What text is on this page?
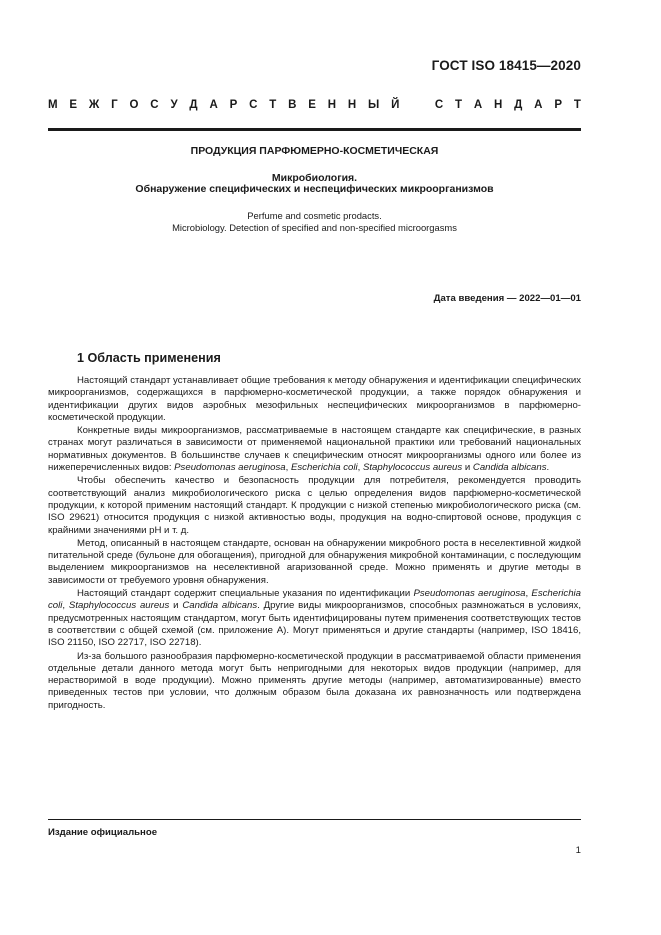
ГОСТ ISO 18415—2020
М Е Ж Г О С У Д А Р С Т В Е Н Н Ы Й	С Т А Н Д А Р Т
ПРОДУКЦИЯ ПАРФЮМЕРНО-КОСМЕТИЧЕСКАЯ
Микробиология.
Обнаружение специфических и неспецифических микроорганизмов
Perfume and cosmetic prodacts.
Microbiology. Detection of specified and non-specified microorgasms
Дата введения — 2022—01—01
1 Область применения

Настоящий стандарт устанавливает общие требования к методу обнаружения и идентификации специфических микроорганизмов, содержащихся в парфюмерно-косметической продукции, а также порядок обнаружения и идентификации других видов аэробных мезофильных неспецифических микроорганизмов в парфюмерно-косметической продукции.

Конкретные виды микроорганизмов, рассматриваемые в настоящем стандарте как специфические, в разных странах могут различаться в зависимости от применяемой национальной практики или требований национальных нормативных документов. В большинстве случаев к специфическим относят микроорганизмы одного или более из нижеперечисленных видов: Pseudomonas aeruginosa, Escherichia coli, Staphylococcus aureus и Candida albicans.

Чтобы обеспечить качество и безопасность продукции для потребителя, рекомендуется проводить соответствующий анализ микробиологического риска с целью определения видов парфюмерно-косметической продукции, к которой применим настоящий стандарт. К продукции с низкой степенью микробиологического риска (см. ISO 29621) относится продукция с низкой активностью воды, продукция на водно-спиртовой основе, продукция с крайними значениями pH и т. д.

Метод, описанный в настоящем стандарте, основан на обнаружении микробного роста в неселективной жидкой питательной среде (бульоне для обогащения), пригодной для обнаружения микробной контаминации, с последующим выделением микроорганизмов на неселективной агаризованной среде. Можно применять и другие методы в зависимости от требуемого уровня обнаружения.

Настоящий стандарт содержит специальные указания по идентификации Pseudomonas aeruginosa, Escherichia coli, Staphylococcus aureus и Candida albicans. Другие виды микроорганизмов, способных размножаться в условиях, предусмотренных настоящим стандартом, могут быть идентифицированы путем применения соответствующих тестов в соответствии с общей схемой (см. приложение А). Могут применяться и другие стандарты (например, ISO 18416, ISO 21150, ISO 22717, ISO 22718).

Из-за большого разнообразия парфюмерно-косметической продукции в рассматриваемой области применения отдельные детали данного метода могут быть непригодными для некоторых видов продукции (например, для нерастворимой в воде продукции). Можно применять другие методы (например, автоматизированные) вместо приведенных тестов при условии, что должным образом была доказана их равнозначность или подтверждена пригодность.

Издание официальное
1
